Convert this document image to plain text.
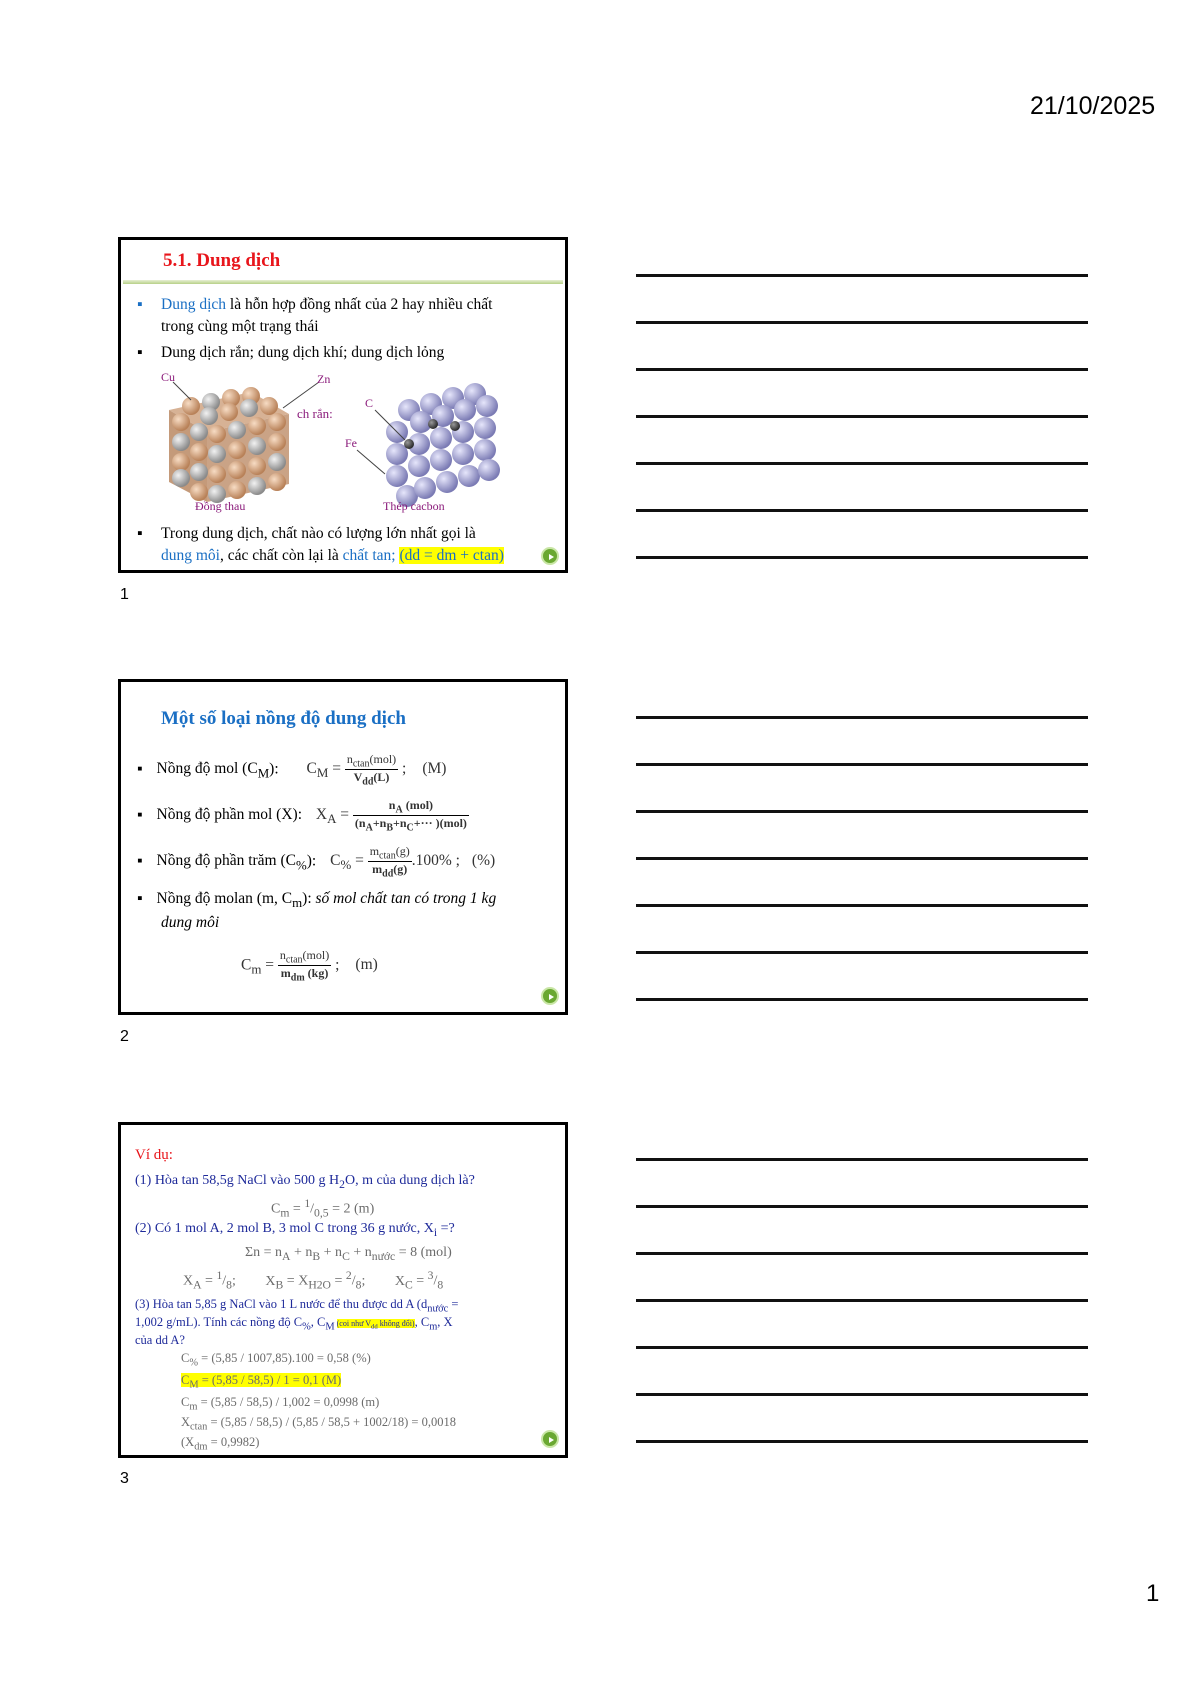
21/10/2025
5.1. Dung dịch
▪ Dung dịch là hỗn hợp đồng nhất của 2 hay nhiều chất
trong cùng một trạng thái
▪ Dung dịch rắn; dung dịch khí; dung dịch lỏng
Cu	Zn
ch rắn:
C
Fe
Đồng thau	Thép cacbon
▪ Trong dung dịch, chất nào có lượng lớn nhất gọi là
dung môi, các chất còn lại là chất tan; (dd = dm + ctan)
1
Một số loại nồng độ dung dịch
▪ Nồng độ mol $(C_M)$: $C_M = \frac{n_{ctan}(mol)}{V_{dd}(L)}$ ; (M)
▪ Nồng độ phần mol (X): $X_A = \frac{n_A (mol)}{(n_A+n_B+n_C+\cdot\cdot\cdot )(mol)}$
▪ Nồng độ phần trăm $(C_{\%})$: $C_{\%} = \frac{m_{ctan}(g)}{m_{dd}(g)} .100\%$ ; (%)
▪ Nồng độ molan (m, $C_m$): số mol chất tan có trong 1 kg
dung môi
$C_m = \frac{n_{ctan}(mol)}{m_{dm} (kg)}$ ; (m)
2
Ví dụ:
(1) Hòa tan 58,5g NaCl vào 500 g $H_2O$, m của dung dịch là?
$C_m = ^1/_{0,5} = 2$ (m)
(2) Có 1 mol A, 2 mol B, 3 mol C trong 36 g nước, $X_i$ =?
$\Sigma n = n_A + n_B + n_C + n_{nước} = 8$ (mol)
$X_A = ^1/_8$; $X_B = X_{H2O} = ^2/_8$; $X_C = ^3/_8$
(3) Hòa tan 5,85 g NaCl vào 1 L nước để thu được dd A ($d_{nước}$ =
1,002 g/mL). Tính các nồng độ $C_{\%}$, $C_M$ (coi như $V_{dd}$ không đổi), $C_m$, X
của dd A?
$C_{\%} = (5,85 / 1007,85).100 = 0,58$ (%)
$C_M = (5,85 / 58,5) / 1 = 0,1$ (M)
$C_m = (5,85 / 58,5) / 1,002 = 0,0998$ (m)
$X_{ctan} = (5,85 / 58,5) / (5,85 / 58,5 + 1002/18) = 0,0018$
$(X_{dm} = 0,9982)$
3
1
